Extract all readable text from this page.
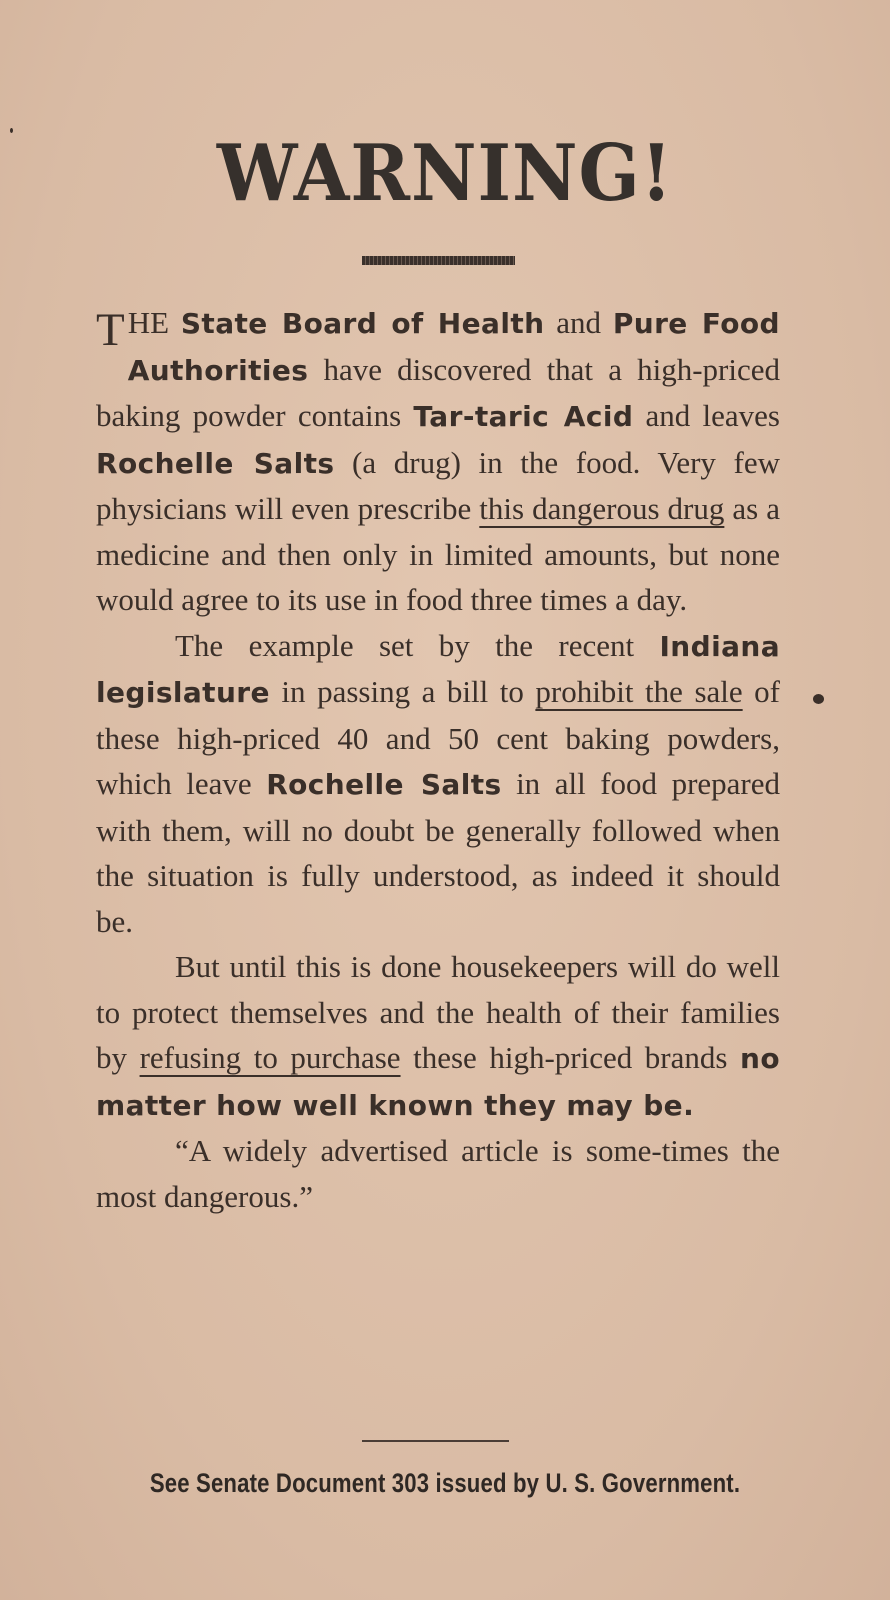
WARNING!

THE State Board of Health and Pure Food Authorities have discovered that a high-priced baking powder contains Tar-taric Acid and leaves Rochelle Salts (a drug) in the food. Very few physicians will even prescribe this dangerous drug as a medicine and then only in limited amounts, but none would agree to its use in food three times a day.

The example set by the recent Indiana legislature in passing a bill to prohibit the sale of these high-priced 40 and 50 cent baking powders, which leave Rochelle Salts in all food prepared with them, will no doubt be generally followed when the situation is fully understood, as indeed it should be.

But until this is done housekeepers will do well to protect themselves and the health of their families by refusing to purchase these high-priced brands no matter how well known they may be.

“A widely advertised article is some-times the most dangerous.”

See Senate Document 303 issued by U. S. Government.
